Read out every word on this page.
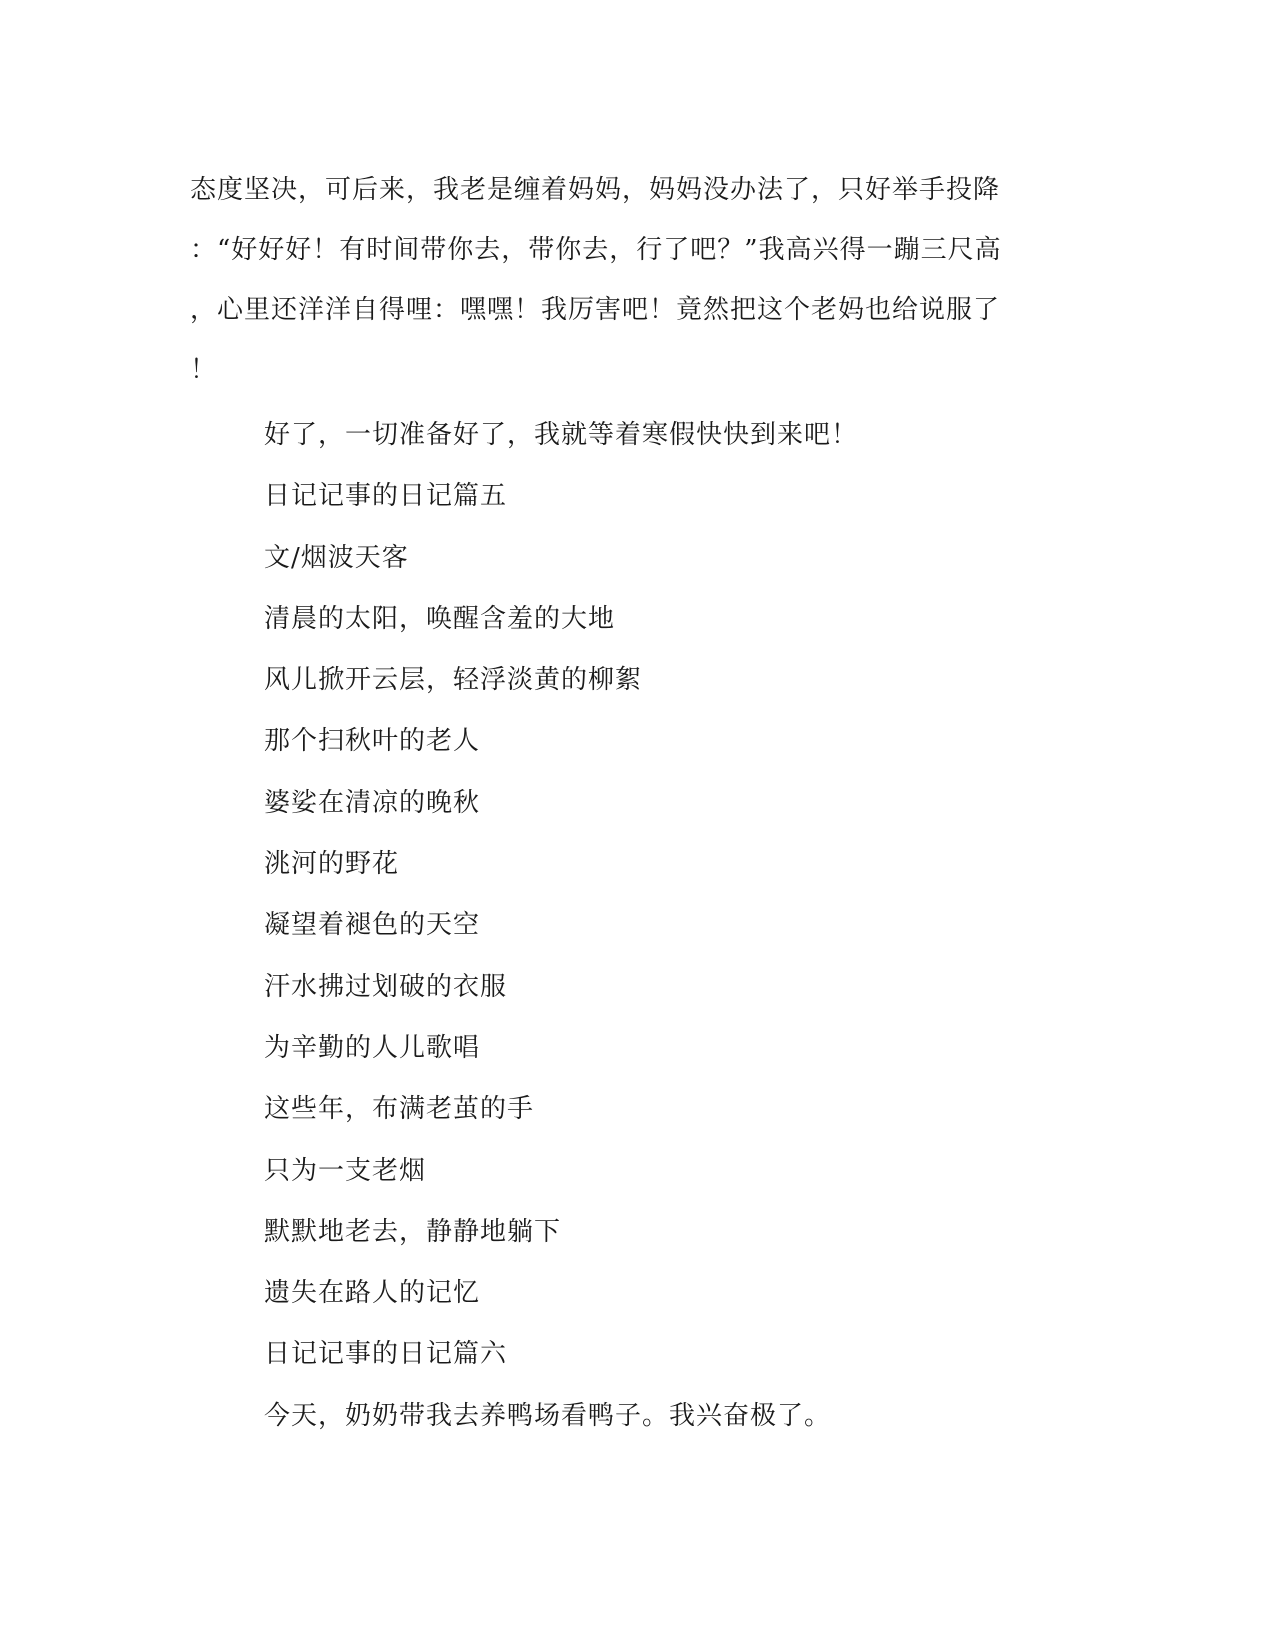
态度坚决，可后来，我老是缠着妈妈，妈妈没办法了，只好举手投降
：“好好好！有时间带你去，带你去，行了吧？”我高兴得一蹦三尺高
，心里还洋洋自得哩：嘿嘿！我厉害吧！竟然把这个老妈也给说服了
！
好了，一切准备好了，我就等着寒假快快到来吧！
日记记事的日记篇五
文/烟波天客
清晨的太阳，唤醒含羞的大地
风儿掀开云层，轻浮淡黄的柳絮
那个扫秋叶的老人
婆娑在清凉的晚秋
洮河的野花
凝望着褪色的天空
汗水拂过划破的衣服
为辛勤的人儿歌唱
这些年，布满老茧的手
只为一支老烟
默默地老去，静静地躺下
遗失在路人的记忆
日记记事的日记篇六
今天，奶奶带我去养鸭场看鸭子。我兴奋极了。
